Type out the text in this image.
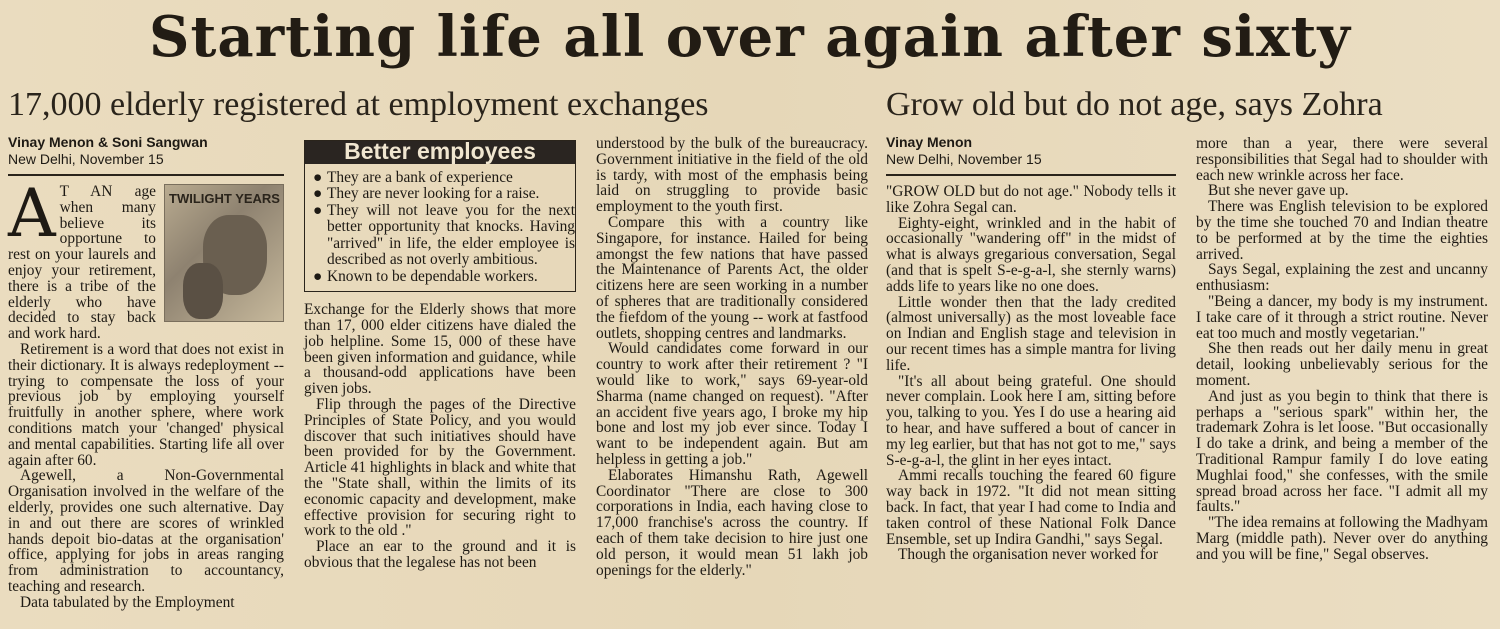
Starting life all over again after sixty
17,000 elderly registered at employment exchanges	Grow old but do not age, says Zohra
Vinay Menon & Soni Sangwan
New Delhi, November 15
TWILIGHT YEARS

A T AN age when many believe its opportune to rest on your laurels and enjoy your retirement, there is a tribe of the elderly who have decided to stay back and work hard.

Retirement is a word that does not exist in their dictionary. It is always redeployment -- trying to compensate the loss of your previous job by employing yourself fruitfully in another sphere, where work conditions match your 'changed' physical and mental capabilities. Starting life all over again after 60.

Agewell, a Non-Governmental Organisation involved in the welfare of the elderly, provides one such alternative. Day in and out there are scores of wrinkled hands depoit bio-datas at the organisation' office, applying for jobs in areas ranging from administration to accountancy, teaching and research.

Data tabulated by the Employment

Better employees
● They are a bank of experience
● They are never looking for a raise.
● They will not leave you for the next better opportunity that knocks. Having "arrived" in life, the elder employee is described as not overly ambitious.
● Known to be dependable workers.

Exchange for the Elderly shows that more than 17, 000 elder citizens have dialed the job helpline. Some 15, 000 of these have been given information and guidance, while a thousand-odd applications have been given jobs.

Flip through the pages of the Directive Principles of State Policy, and you would discover that such initiatives should have been provided for by the Government. Article 41 highlights in black and white that the "State shall, within the limits of its economic capacity and development, make effective provision for securing right to work to the old ."

Place an ear to the ground and it is obvious that the legalese has not been

understood by the bulk of the bureaucracy. Government initiative in the field of the old is tardy, with most of the emphasis being laid on struggling to provide basic employment to the youth first.

Compare this with a country like Singapore, for instance. Hailed for being amongst the few nations that have passed the Maintenance of Parents Act, the older citizens here are seen working in a number of spheres that are traditionally considered the fiefdom of the young -- work at fastfood outlets, shopping centres and landmarks.

Would candidates come forward in our country to work after their retirement ? "I would like to work," says 69-year-old Sharma (name changed on request). "After an accident five years ago, I broke my hip bone and lost my job ever since. Today I want to be independent again. But am helpless in getting a job."

Elaborates Himanshu Rath, Agewell Coordinator "There are close to 300 corporations in India, each having close to 17,000 franchise's across the country. If each of them take decision to hire just one old person, it would mean 51 lakh job openings for the elderly."

Vinay Menon
New Delhi, November 15

"GROW OLD but do not age." Nobody tells it like Zohra Segal can.

Eighty-eight, wrinkled and in the habit of occasionally "wandering off" in the midst of what is always gregarious conversation, Segal (and that is spelt S-e-g-a-l, she sternly warns) adds life to years like no one does.

Little wonder then that the lady credited (almost universally) as the most loveable face on Indian and English stage and television in our recent times has a simple mantra for living life.

"It's all about being grateful. One should never complain. Look here I am, sitting before you, talking to you. Yes I do use a hearing aid to hear, and have suffered a bout of cancer in my leg earlier, but that has not got to me," says S-e-g-a-l, the glint in her eyes intact.

Ammi recalls touching the feared 60 figure way back in 1972. "It did not mean sitting back. In fact, that year I had come to India and taken control of these National Folk Dance Ensemble, set up Indira Gandhi," says Segal.

Though the organisation never worked for

more than a year, there were several responsibilities that Segal had to shoulder with each new wrinkle across her face.

But she never gave up.

There was English television to be explored by the time she touched 70 and Indian theatre to be performed at by the time the eighties arrived.

Says Segal, explaining the zest and uncanny enthusiasm:

"Being a dancer, my body is my instrument. I take care of it through a strict routine. Never eat too much and mostly vegetarian."

She then reads out her daily menu in great detail, looking unbelievably serious for the moment.

And just as you begin to think that there is perhaps a "serious spark" within her, the trademark Zohra is let loose. "But occasionally I do take a drink, and being a member of the Traditional Rampur family I do love eating Mughlai food," she confesses, with the smile spread broad across her face. "I admit all my faults."

"The idea remains at following the Madhyam Marg (middle path). Never over do anything and you will be fine," Segal observes.
